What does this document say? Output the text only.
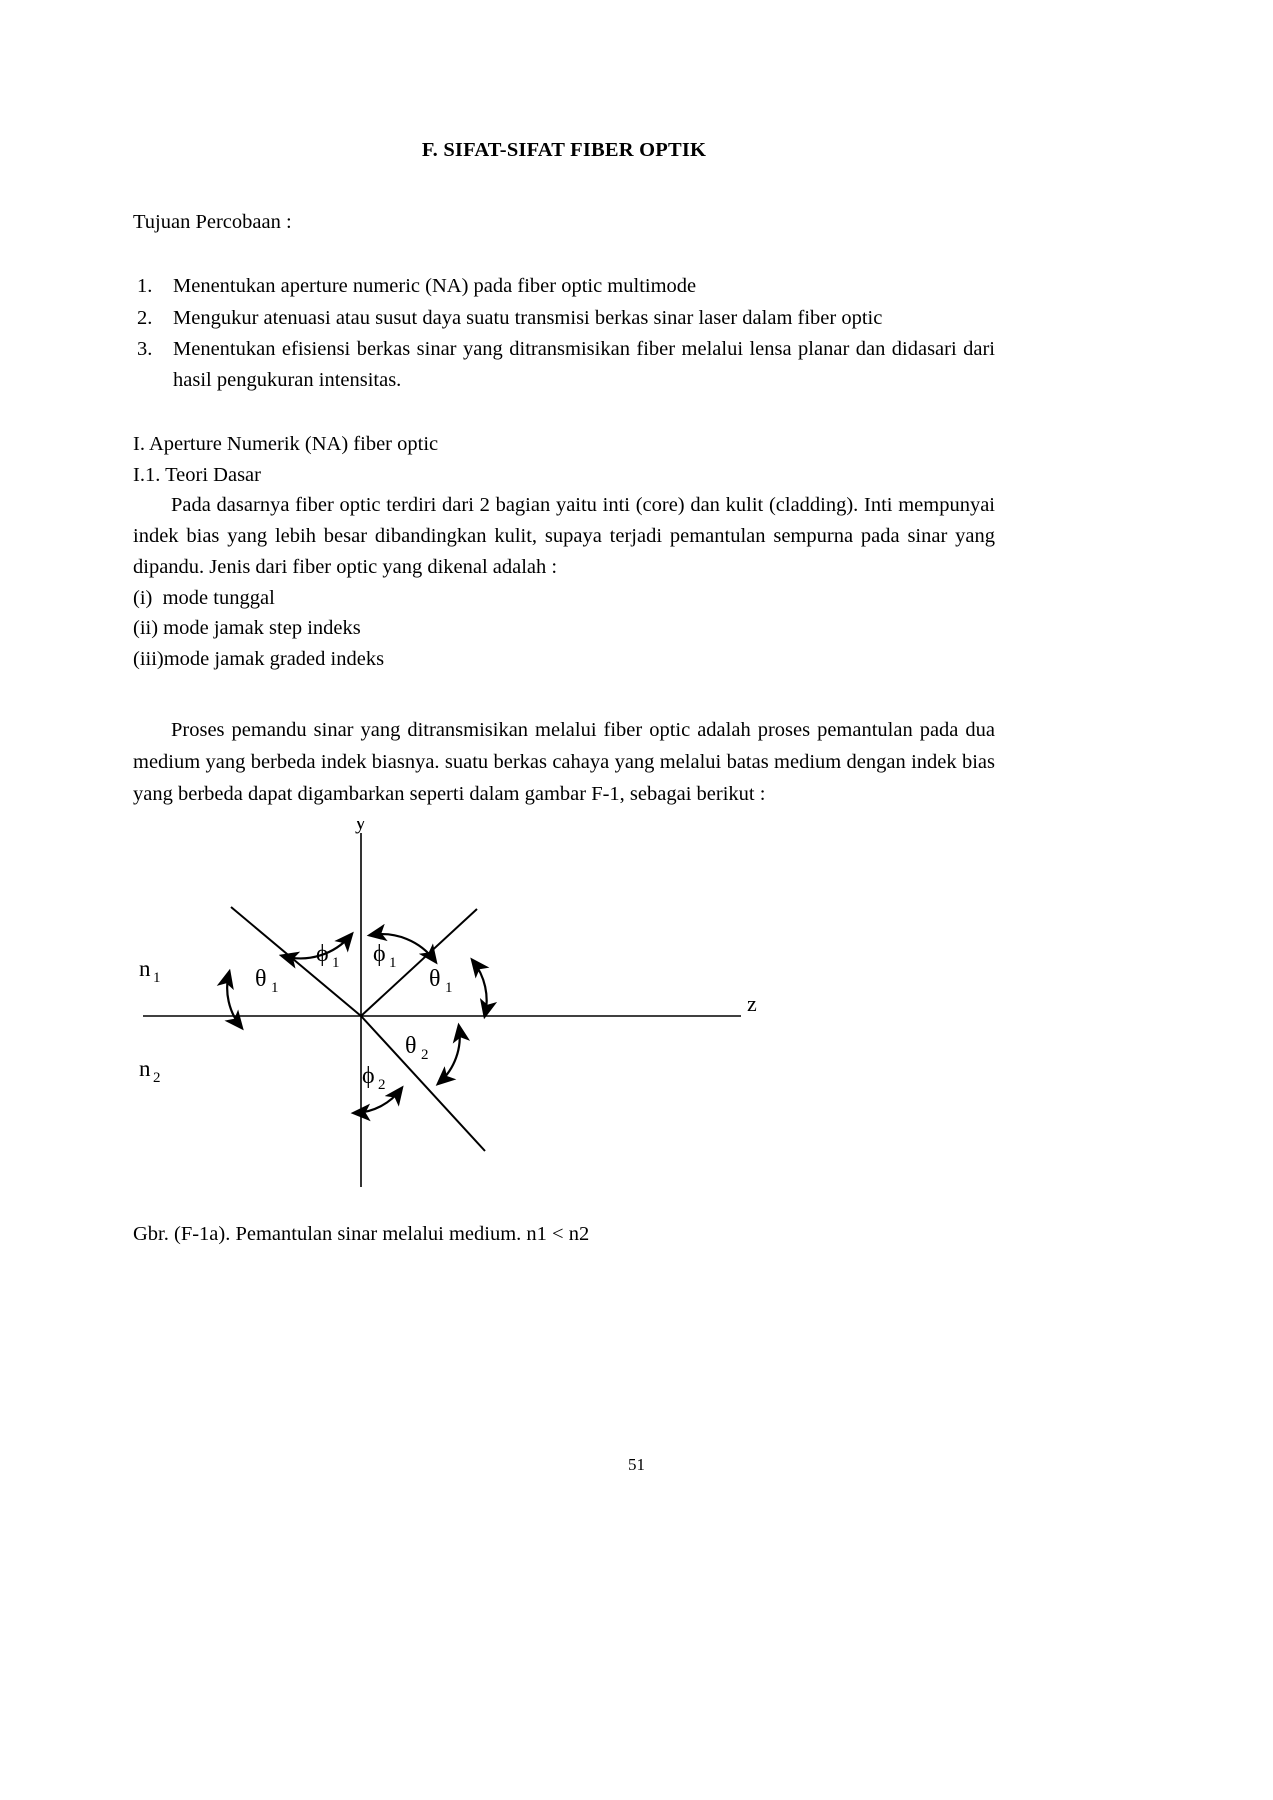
F. SIFAT-SIFAT FIBER OPTIK

Tujuan Percobaan :

1. Menentukan aperture numeric (NA) pada fiber optic multimode
2. Mengukur atenuasi atau susut daya suatu transmisi berkas sinar laser dalam fiber optic
3. Menentukan efisiensi berkas sinar yang ditransmisikan fiber melalui lensa planar dan didasari dari hasil pengukuran intensitas.
I. Aperture Numerik (NA) fiber optic
I.1. Teori Dasar

Pada dasarnya fiber optic terdiri dari 2 bagian yaitu inti (core) dan kulit (cladding). Inti mempunyai indek bias yang lebih besar dibandingkan kulit, supaya terjadi pemantulan sempurna pada sinar yang dipandu. Jenis dari fiber optic yang dikenal adalah :

(i)  mode tunggal
(ii) mode jamak step indeks
(iii)mode jamak graded indeks

Proses pemandu sinar yang ditransmisikan melalui fiber optic adalah proses pemantulan pada dua medium yang berbeda indek biasnya. suatu berkas cahaya yang melalui batas medium dengan indek bias yang berbeda dapat digambarkan seperti dalam gambar F-1, sebagai berikut :

y
z
n 1
n 2
θ 1
ϕ 1 ϕ 1
θ 1
θ 2
ϕ 2

Gbr. (F-1a). Pemantulan sinar melalui medium. n1 < n2

51
